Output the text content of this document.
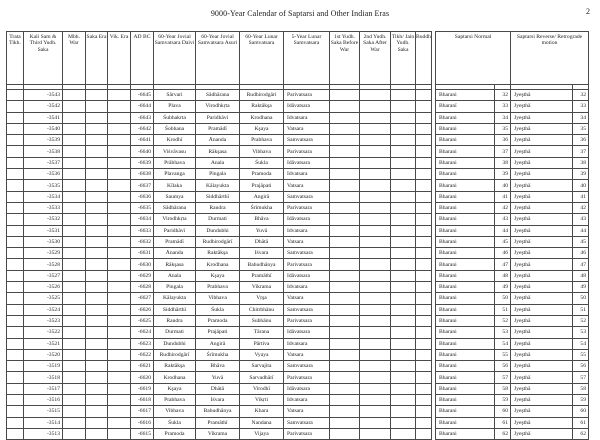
9000-Year Calendar of Saptarsi and Other Indian Eras	2
Trata Tikh.	Kali Sam & Third Yudh. Saka	Mbh. War	Saka Era	Vik. Era	AD BC	60-Year Jovial Samvatsara Daivi	60-Year Jovial Samvatsara Asuri	60-Year Lunar Samvatsara	5-Year Lunar Samvatsara	1st Yudh. Saka Before War	2nd Yudh. Saka After War	Tikh/ Jain Yudh. Saka	Buddh		Saptarsi Normal		Saptarsi Reverse/ Retrograde motion	

	-3543				-6645	Sārvari	Sādhārana	Rudhirodgāri	Parivatsara						Bharani	32	Jyeşthā	32
	-3542				-6644	Plava	Virodhkṛta	Raktākşa	Idāvatsara						Bharanī	33	Jyeşthā	33
	-3541				-6643	Śubhakrta	Paridhāvi	Krodhana	Idvatsara						Bharani	34	Jyeşthā	34
	-3540				-6642	Śobhana	Pramādī	Kşaya	Vatsara						Bharani	35	Jyeşthā	35
	-3539				-6641	Krodhī	Ānanda	Prabhava	Samvatsara						Bharani	36	Jyeşthā	36
	-3538				-6640	Viśvāvasu	Rākşasa	Vibhava	Parivatsara						Bharani	37	Jyeşthā	37
	-3537				-6639	Prābhava	Anala	Śukla	Idāvatsara						Bharani	38	Jyeşthā	38
	-3536				-6638	Plavanga	Pingala	Pramoda	Idvatsara						Bharani	39	Jyeşthā	39
	-3535				-6637	Kīlaka	Kālayukta	Prajāpati	Vatsara						Bharani	40	Jyeşthā	40
	-3534				-6636	Saumya	Siddhārthī	Angirā	Samvatsara						Bharani	41	Jyeşthā	41
	-3533				-6635	Sādhārana	Raudra	Śrīmukha	Parivatsara						Bharani	42	Jyeşthā	42
	-3532				-6634	Virodhkṛta	Durmati	Bhāva	Idāvatsara						Bharani	43	Jyeşthā	43
	-3531				-6633	Paridhāvī	Dundubhi	Yuvā	Idvatsara						Bharani	44	Jyeşthā	44
	-3530				-6632	Pramādī	Rudhirodgārī	Dhātā	Vatsara						Bharani	45	Jyeşthā	45
	-3529				-6631	Ānanda	Raktākşa	Iśvara	Samvatsara						Bharani	46	Jyeşthā	46
	-3528				-6630	Rākşasa	Krodhana	Bahudhānya	Parivatsara						Bharani	47	Jyeşthā	47
	-3527				-6629	Anala	Kşaya	Pramāthī	Idāvatsara						Bharani	48	Jyeşthā	48
	-3526				-6628	Pingala	Prabhava	Vikrama	Idvatsara						Bharani	49	Jyeşthā	49
	-3525				-6627	Kālayukta	Vibhava	Vṛşa	Vatsara						Bharani	50	Jyeşthā	50
	-3524				-6626	Siddhārthī	Śukla	Chitrbhānu	Samvatsara						Bharani	51	Jyeşthā	51
	-3523				-6625	Raudra	Pramoda	Subhānu	Parivatsara						Bharani	52	Jyeşthā	52
	-3522				-6624	Durmati	Prajāpati	Tārana	Idāvatsara						Bharani	53	Jyeşthā	53
	-3521				-6623	Dundubhi	Angirā	Pārtiva	Idvatsara						Bharani	54	Jyeşthā	54
	-3520				-6622	Rudhirodgārī	Śrīmukha	Vyaya	Vatsara						Bharani	55	Jyeşthā	55
	-3519				-6621	Raktākşa	Bhāva	Sarvajita	Samvatsara						Bharani	56	Jyeşthā	56
	-3518				-6620	Krodhana	Yuvā	Sarvadhārī	Parivatsara						Bharani	57	Jyeşthā	57
	-3517				-6619	Kşaya	Dhātā	Virodhī	Idāvatsara						Bharani	58	Jyeşthā	58
	-3516				-6618	Prabhava	Iśvara	Vikṛti	Idvatsara						Bharani	59	Jyeşthā	59
	-3515				-6617	Vibhava	Bahudhānya	Khara	Vatsara						Bharani	60	Jyeşthā	60
	-3514				-6616	Śukla	Pramāthī	Nandana	Samvatsara						Bharani	61	Jyeşthā	61
	-3513				-6615	Pramoda	Vikrama	Vijaya	Parivatsara						Bharani	62	Jyeşthā	62
